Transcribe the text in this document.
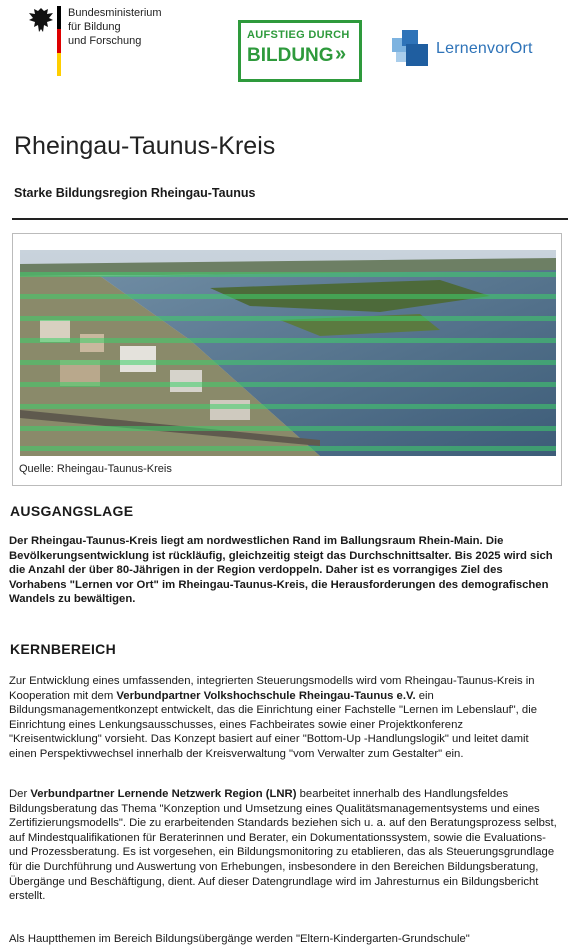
Bundesministerium
für Bildung
und Forschung	AUFSTIEG DURCH
BILDUNG »	LernenvorOrt
Rheingau-Taunus-Kreis
Starke Bildungsregion Rheingau-Taunus
Quelle: Rheingau-Taunus-Kreis
AUSGANGSLAGE

Der Rheingau-Taunus-Kreis liegt am nordwestlichen Rand im Ballungsraum Rhein-Main. Die Bevölkerungsentwicklung ist rückläufig, gleichzeitig steigt das Durchschnittsalter. Bis 2025 wird sich die Anzahl der über 80-Jährigen in der Region verdoppeln. Daher ist es vorrangiges Ziel des Vorhabens "Lernen vor Ort" im Rheingau-Taunus-Kreis, die Herausforderungen des demografischen Wandels zu bewältigen.

KERNBEREICH

Zur Entwicklung eines umfassenden, integrierten Steuerungsmodells wird vom Rheingau-Taunus-Kreis in Kooperation mit dem Verbundpartner Volkshochschule Rheingau-Taunus e.V. ein Bildungsmanagementkonzept entwickelt, das die Einrichtung einer Fachstelle "Lernen im Lebenslauf", die Einrichtung eines Lenkungsausschusses, eines Fachbeirates sowie einer Projektkonferenz "Kreisentwicklung" vorsieht. Das Konzept basiert auf einer "Bottom-Up -Handlungslogik" und leitet damit einen Perspektivwechsel innerhalb der Kreisverwaltung "vom Verwalter zum Gestalter" ein.

Der Verbundpartner Lernende Netzwerk Region (LNR) bearbeitet innerhalb des Handlungsfeldes Bildungsberatung das Thema "Konzeption und Umsetzung eines Qualitätsmanagementsystems und eines Zertifizierungsmodells". Die zu erarbeitenden Standards beziehen sich u. a. auf den Beratungsprozess selbst, auf Mindestqualifikationen für Beraterinnen und Berater, ein Dokumentationssystem, sowie die Evaluations- und Prozessberatung. Es ist vorgesehen, ein Bildungsmonitoring zu etablieren, das als Steuerungsgrundlage für die Durchführung und Auswertung von Erhebungen, insbesondere in den Bereichen Bildungsberatung, Übergänge und Beschäftigung, dient. Auf dieser Datengrundlage wird im Jahresturnus ein Bildungsbericht erstellt.

Als Hauptthemen im Bereich Bildungsübergänge werden "Eltern-Kindergarten-Grundschule"
